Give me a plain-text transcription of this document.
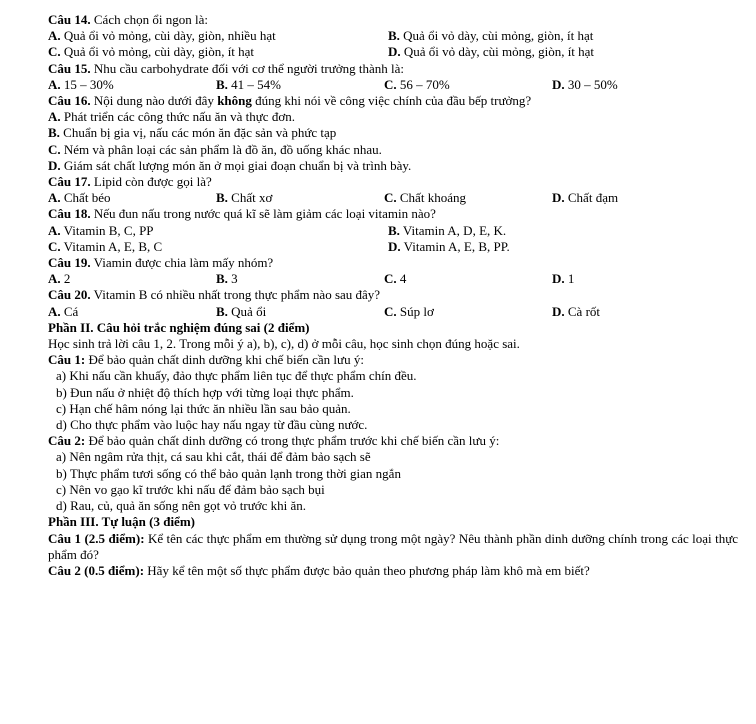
Câu 14. Cách chọn ổi ngon là:
A. Quả ổi vỏ mỏng, cùi dày, giòn, nhiều hạt	B. Quả ổi vỏ dày, cùi mỏng, giòn, ít hạt
C. Quả ổi vỏ mỏng, cùi dày, giòn, ít hạt	D. Quả ổi vỏ dày, cùi mỏng, giòn, ít hạt
Câu 15. Nhu cầu carbohydrate đối với cơ thể người trưởng thành là:
A. 15 – 30%	B. 41 – 54%	C. 56 – 70%	D. 30 – 50%
Câu 16. Nội dung nào dưới đây không đúng khi nói về công việc chính của đầu bếp trưởng?
A. Phát triển các công thức nấu ăn và thực đơn.
B. Chuẩn bị gia vị, nấu các món ăn đặc sản và phức tạp
C. Ném và phân loại các sản phẩm là đồ ăn, đồ uống khác nhau.
D. Giám sát chất lượng món ăn ở mọi giai đoạn chuẩn bị và trình bày.
Câu 17. Lipid còn được gọi là?
A. Chất béo	B. Chất xơ	C. Chất khoáng	D. Chất đạm
Câu 18. Nếu đun nấu trong nước quá kĩ sẽ làm giảm các loại vitamin nào?
A. Vitamin B, C, PP	B. Vitamin A, D, E, K.
C. Vitamin A, E, B, C	D. Vitamin A, E, B, PP.
Câu 19. Viamin được chia làm mấy nhóm?
A. 2	B. 3	C. 4	D. 1
Câu 20. Vitamin B có nhiều nhất trong thực phẩm nào sau đây?
A. Cá	B. Quả ổi	C. Súp lơ	D. Cà rốt
Phần II. Câu hỏi trắc nghiệm đúng sai (2 điểm)
Học sinh trả lời câu 1, 2. Trong mỗi ý a), b), c), d) ở mỗi câu, học sinh chọn đúng hoặc sai.
Câu 1: Để bảo quản chất dinh dưỡng khi chế biến cần lưu ý:
a) Khi nấu cần khuấy, đảo thực phẩm liên tục để thực phẩm chín đều.
b) Đun nấu ở nhiệt độ thích hợp với từng loại thực phẩm.
c) Hạn chế hâm nóng lại thức ăn nhiều lần sau bảo quản.
d) Cho thực phẩm vào luộc hay nấu ngay từ đầu cùng nước.
Câu 2: Để bảo quản chất dinh dưỡng có trong thực phẩm trước khi chế biến cần lưu ý:
a) Nên ngâm rửa thịt, cá sau khi cắt, thái để đảm bảo sạch sẽ
b) Thực phẩm tươi sống có thể bảo quản lạnh trong thời gian ngắn
c) Nên vo gạo kĩ trước khi nấu để đảm bảo sạch bụi
d) Rau, củ, quả ăn sống nên gọt vỏ trước khi ăn.
Phần III. Tự luận (3 điểm)
Câu 1 (2.5 điểm): Kể tên các thực phẩm em thường sử dụng trong một ngày? Nêu thành phần dinh dưỡng chính trong các loại thực phẩm đó?
Câu 2 (0.5 điểm): Hãy kể tên một số thực phẩm được bảo quản theo phương pháp làm khô mà em biết?
